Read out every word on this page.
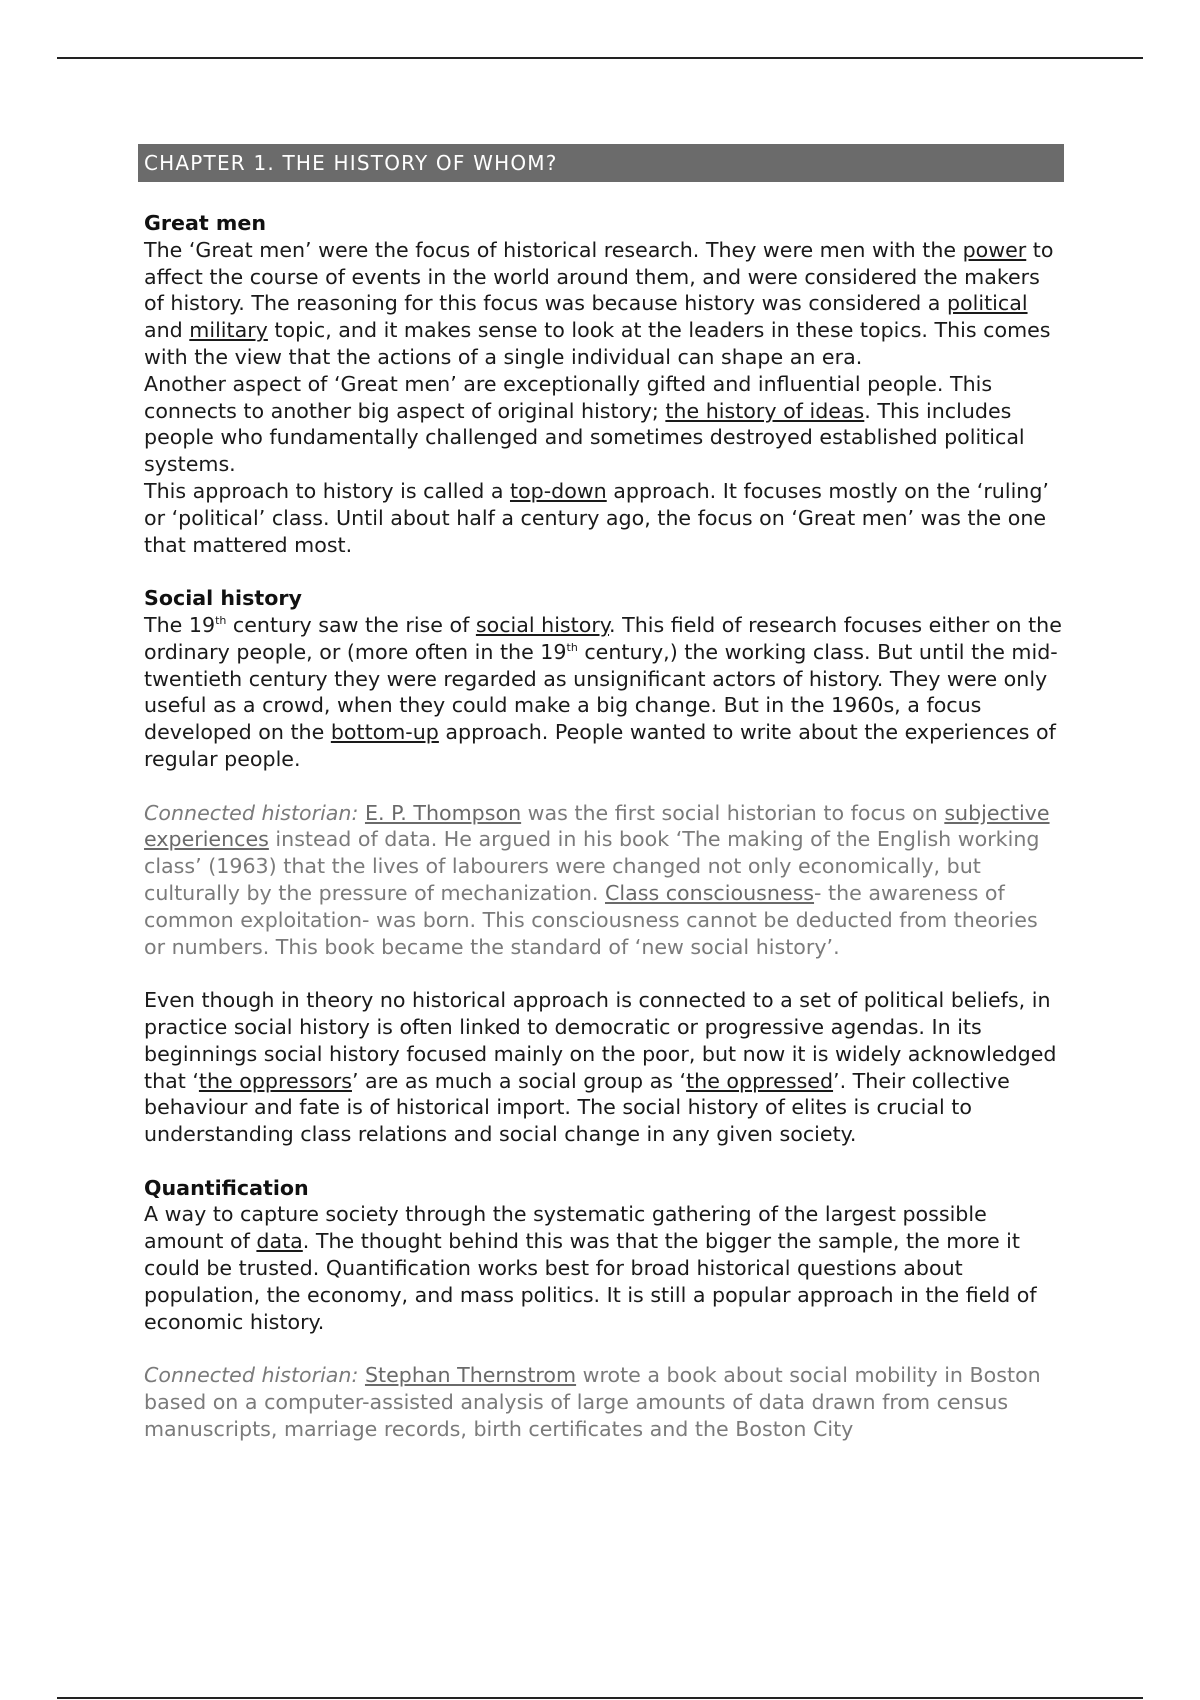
CHAPTER 1. THE HISTORY OF WHOM?
Great men

The ‘Great men’ were the focus of historical research. They were men with the power to affect the course of events in the world around them, and were considered the makers of history. The reasoning for this focus was because history was considered a political and military topic, and it makes sense to look at the leaders in these topics. This comes with the view that the actions of a single individual can shape an era.

Another aspect of ‘Great men’ are exceptionally gifted and influential people. This connects to another big aspect of original history; the history of ideas. This includes people who fundamentally challenged and sometimes destroyed established political systems.

This approach to history is called a top-down approach. It focuses mostly on the ‘ruling’ or ‘political’ class. Until about half a century ago, the focus on ‘Great men’ was the one that mattered most.

Social history

The 19th century saw the rise of social history. This field of research focuses either on the ordinary people, or (more often in the 19th century,) the working class. But until the mid-twentieth century they were regarded as unsignificant actors of history. They were only useful as a crowd, when they could make a big change. But in the 1960s, a focus developed on the bottom-up approach. People wanted to write about the experiences of regular people.

Connected historian: E. P. Thompson was the first social historian to focus on subjective experiences instead of data. He argued in his book ‘The making of the English working class’ (1963) that the lives of labourers were changed not only economically, but culturally by the pressure of mechanization. Class consciousness- the awareness of common exploitation- was born. This consciousness cannot be deducted from theories or numbers. This book became the standard of ‘new social history’.

Even though in theory no historical approach is connected to a set of political beliefs, in practice social history is often linked to democratic or progressive agendas. In its beginnings social history focused mainly on the poor, but now it is widely acknowledged that ‘the oppressors’ are as much a social group as ‘the oppressed’. Their collective behaviour and fate is of historical import. The social history of elites is crucial to understanding class relations and social change in any given society.

Quantification

A way to capture society through the systematic gathering of the largest possible amount of data. The thought behind this was that the bigger the sample, the more it could be trusted. Quantification works best for broad historical questions about population, the economy, and mass politics. It is still a popular approach in the field of economic history.

Connected historian: Stephan Thernstrom wrote a book about social mobility in Boston based on a computer-assisted analysis of large amounts of data drawn from census manuscripts, marriage records, birth certificates and the Boston City
